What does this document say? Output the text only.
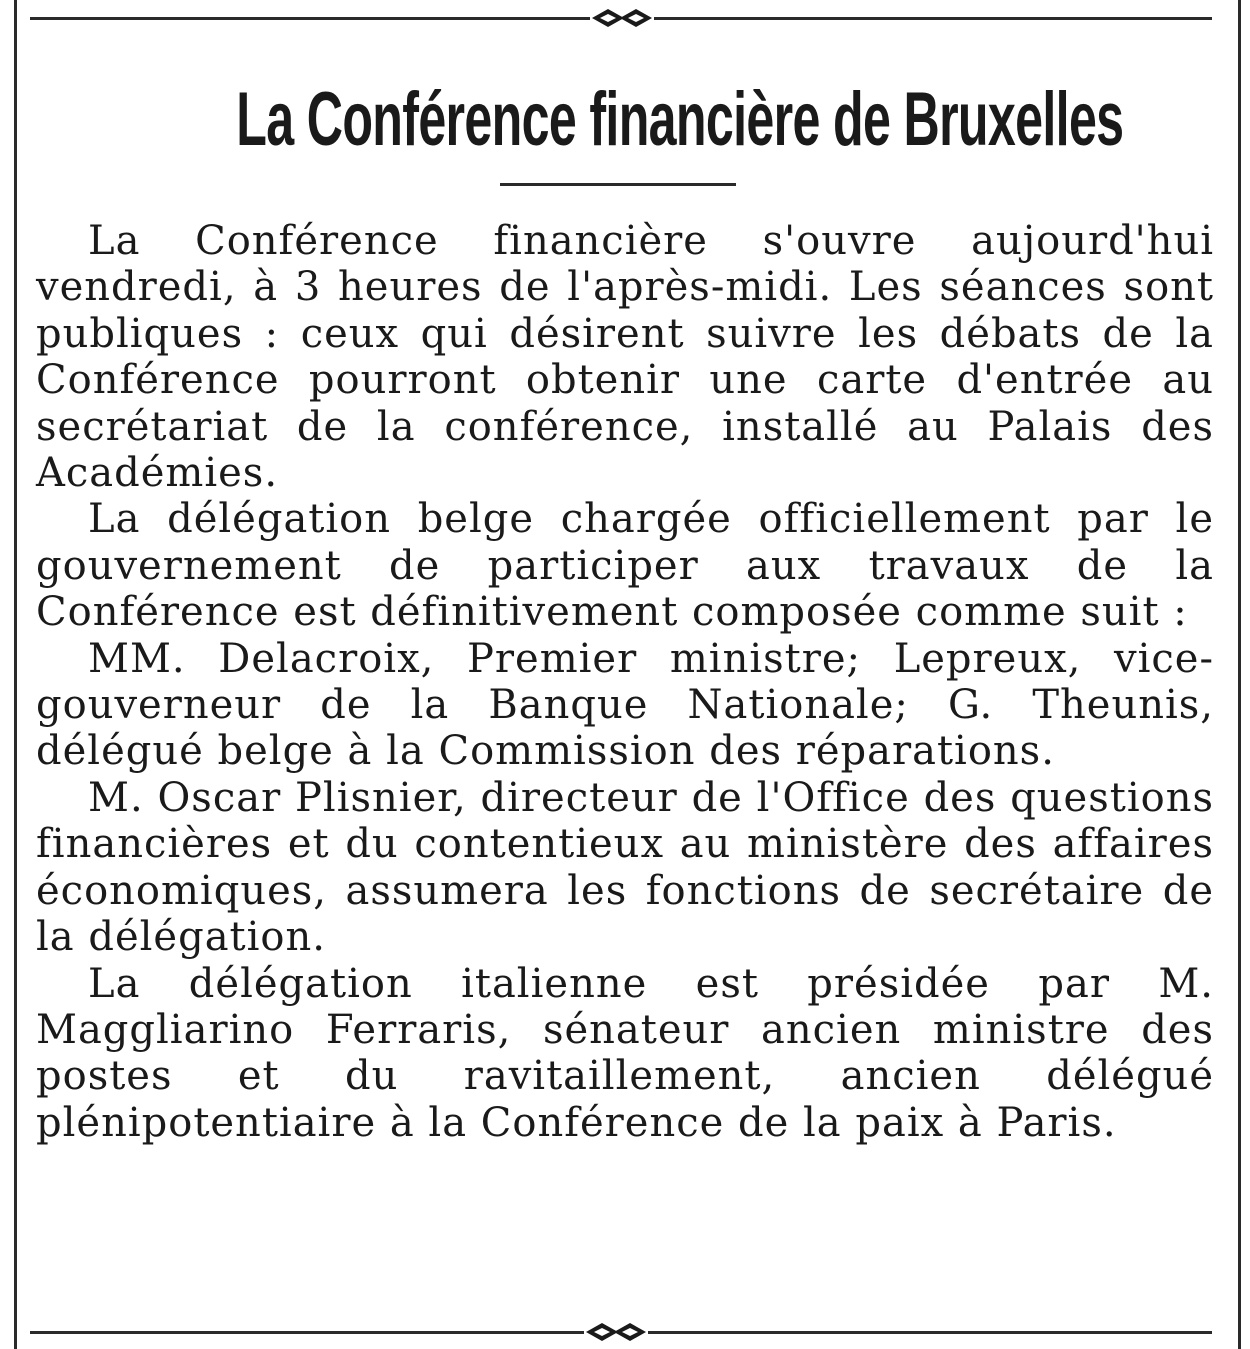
La Conférence financière de Bruxelles

La Conférence financière s'ouvre aujourd'hui vendredi, à 3 heures de l'après-midi. Les séances sont publiques : ceux qui désirent suivre les débats de la Conférence pourront obtenir une carte d'entrée au secrétariat de la conférence, installé au Palais des Académies.

La délégation belge chargée officiellement par le gouvernement de participer aux travaux de la Conférence est définitivement composée comme suit :

MM. Delacroix, Premier ministre; Lepreux, vice-gouverneur de la Banque Nationale; G. Theunis, délégué belge à la Commission des réparations.

M. Oscar Plisnier, directeur de l'Office des questions financières et du contentieux au ministère des affaires économiques, assumera les fonctions de secrétaire de la délégation.

La délégation italienne est présidée par M. Maggliarino Ferraris, sénateur ancien ministre des postes et du ravitaillement, ancien délégué plénipotentiaire à la Conférence de la paix à Paris.
